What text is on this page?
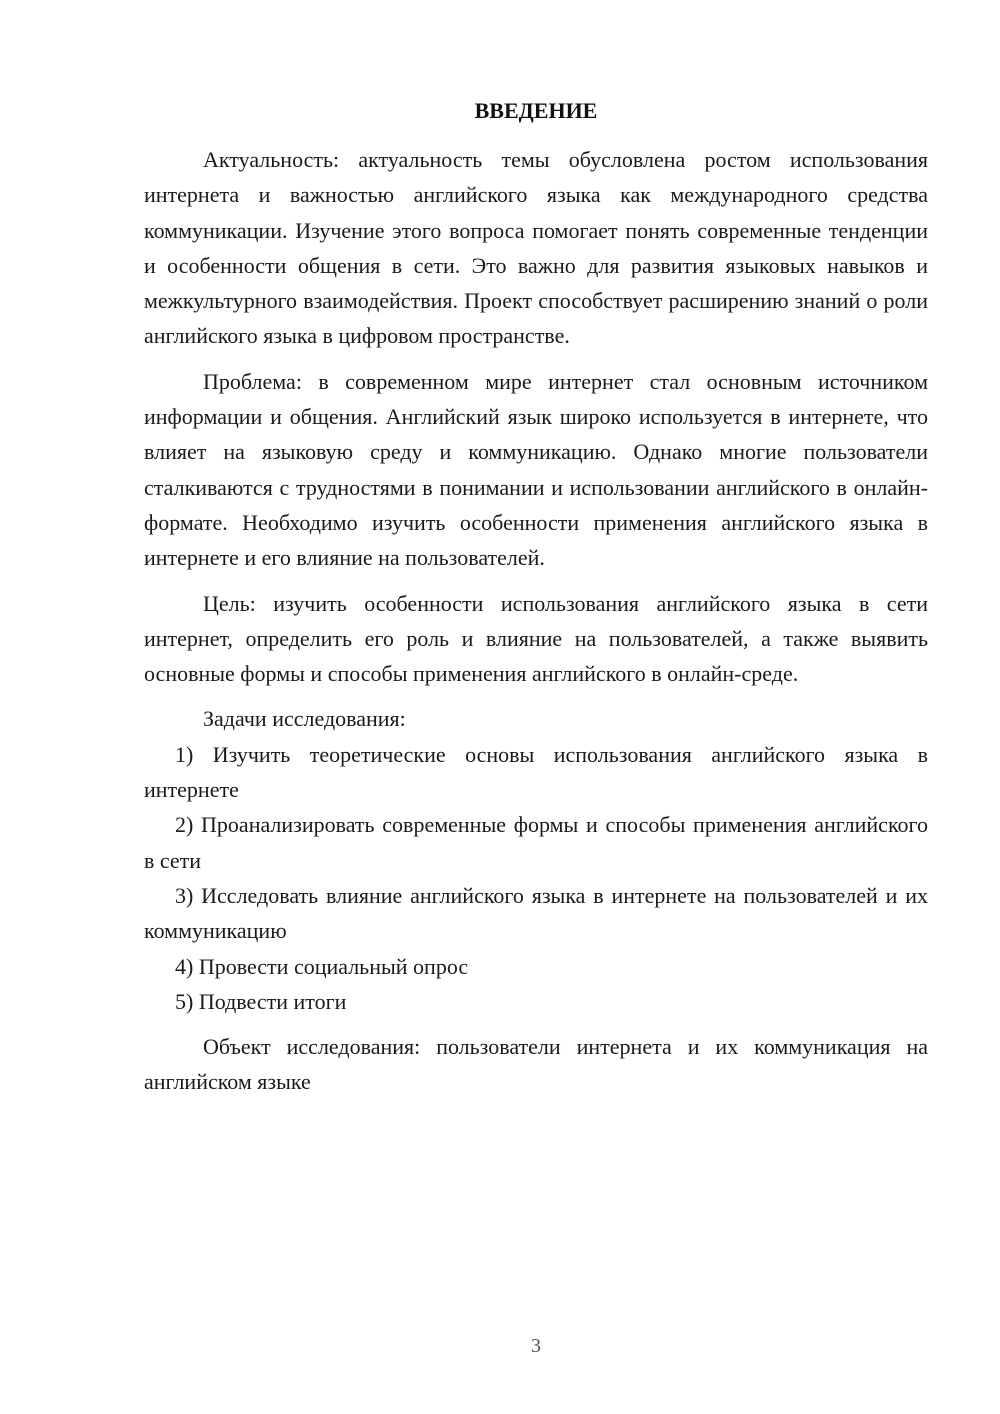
ВВЕДЕНИЕ

Актуальность: актуальность темы обусловлена ростом использования интернета и важностью английского языка как международного средства коммуникации. Изучение этого вопроса помогает понять современные тенденции и особенности общения в сети. Это важно для развития языковых навыков и межкультурного взаимодействия. Проект способствует расширению знаний о роли английского языка в цифровом пространстве.

Проблема: в современном мире интернет стал основным источником информации и общения. Английский язык широко используется в интернете, что влияет на языковую среду и коммуникацию. Однако многие пользователи сталкиваются с трудностями в понимании и использовании английского в онлайн-формате. Необходимо изучить особенности применения английского языка в интернете и его влияние на пользователей.

Цель: изучить особенности использования английского языка в сети интернет, определить его роль и влияние на пользователей, а также выявить основные формы и способы применения английского в онлайн-среде.

Задачи исследования:

1) Изучить теоретические основы использования английского языка в интернете

2) Проанализировать современные формы и способы применения английского в сети

3) Исследовать влияние английского языка в интернете на пользователей и их коммуникацию

4) Провести социальный опрос

5) Подвести итоги

Объект исследования: пользователи интернета и их коммуникация на английском языке

3
